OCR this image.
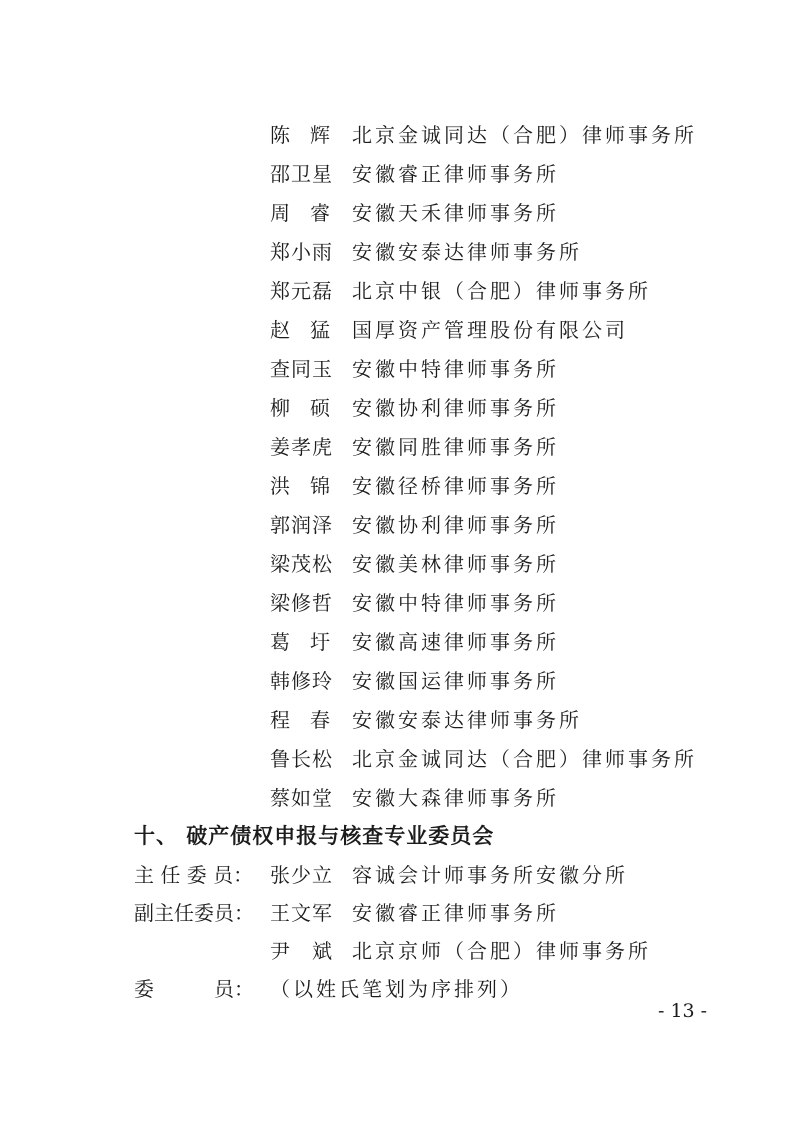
陈　辉 北京金诚同达（合肥）律师事务所
邵卫星 安徽睿正律师事务所
周　睿 安徽天禾律师事务所
郑小雨 安徽安泰达律师事务所
郑元磊 北京中银（合肥）律师事务所
赵　猛 国厚资产管理股份有限公司
查同玉 安徽中特律师事务所
柳　硕 安徽协利律师事务所
姜孝虎 安徽同胜律师事务所
洪　锦 安徽径桥律师事务所
郭润泽 安徽协利律师事务所
梁茂松 安徽美林律师事务所
梁修哲 安徽中特律师事务所
葛　圩 安徽高速律师事务所
韩修玲 安徽国运律师事务所
程　春 安徽安泰达律师事务所
鲁长松 北京金诚同达（合肥）律师事务所
蔡如堂 安徽大森律师事务所
十、 破产债权申报与核查专业委员会
主 任 委 员： 张少立 容诚会计师事务所安徽分所
副主任委员： 王文军 安徽睿正律师事务所
尹　斌 北京京师（合肥）律师事务所
委　　　员： （以姓氏笔划为序排列）
- 13 -
